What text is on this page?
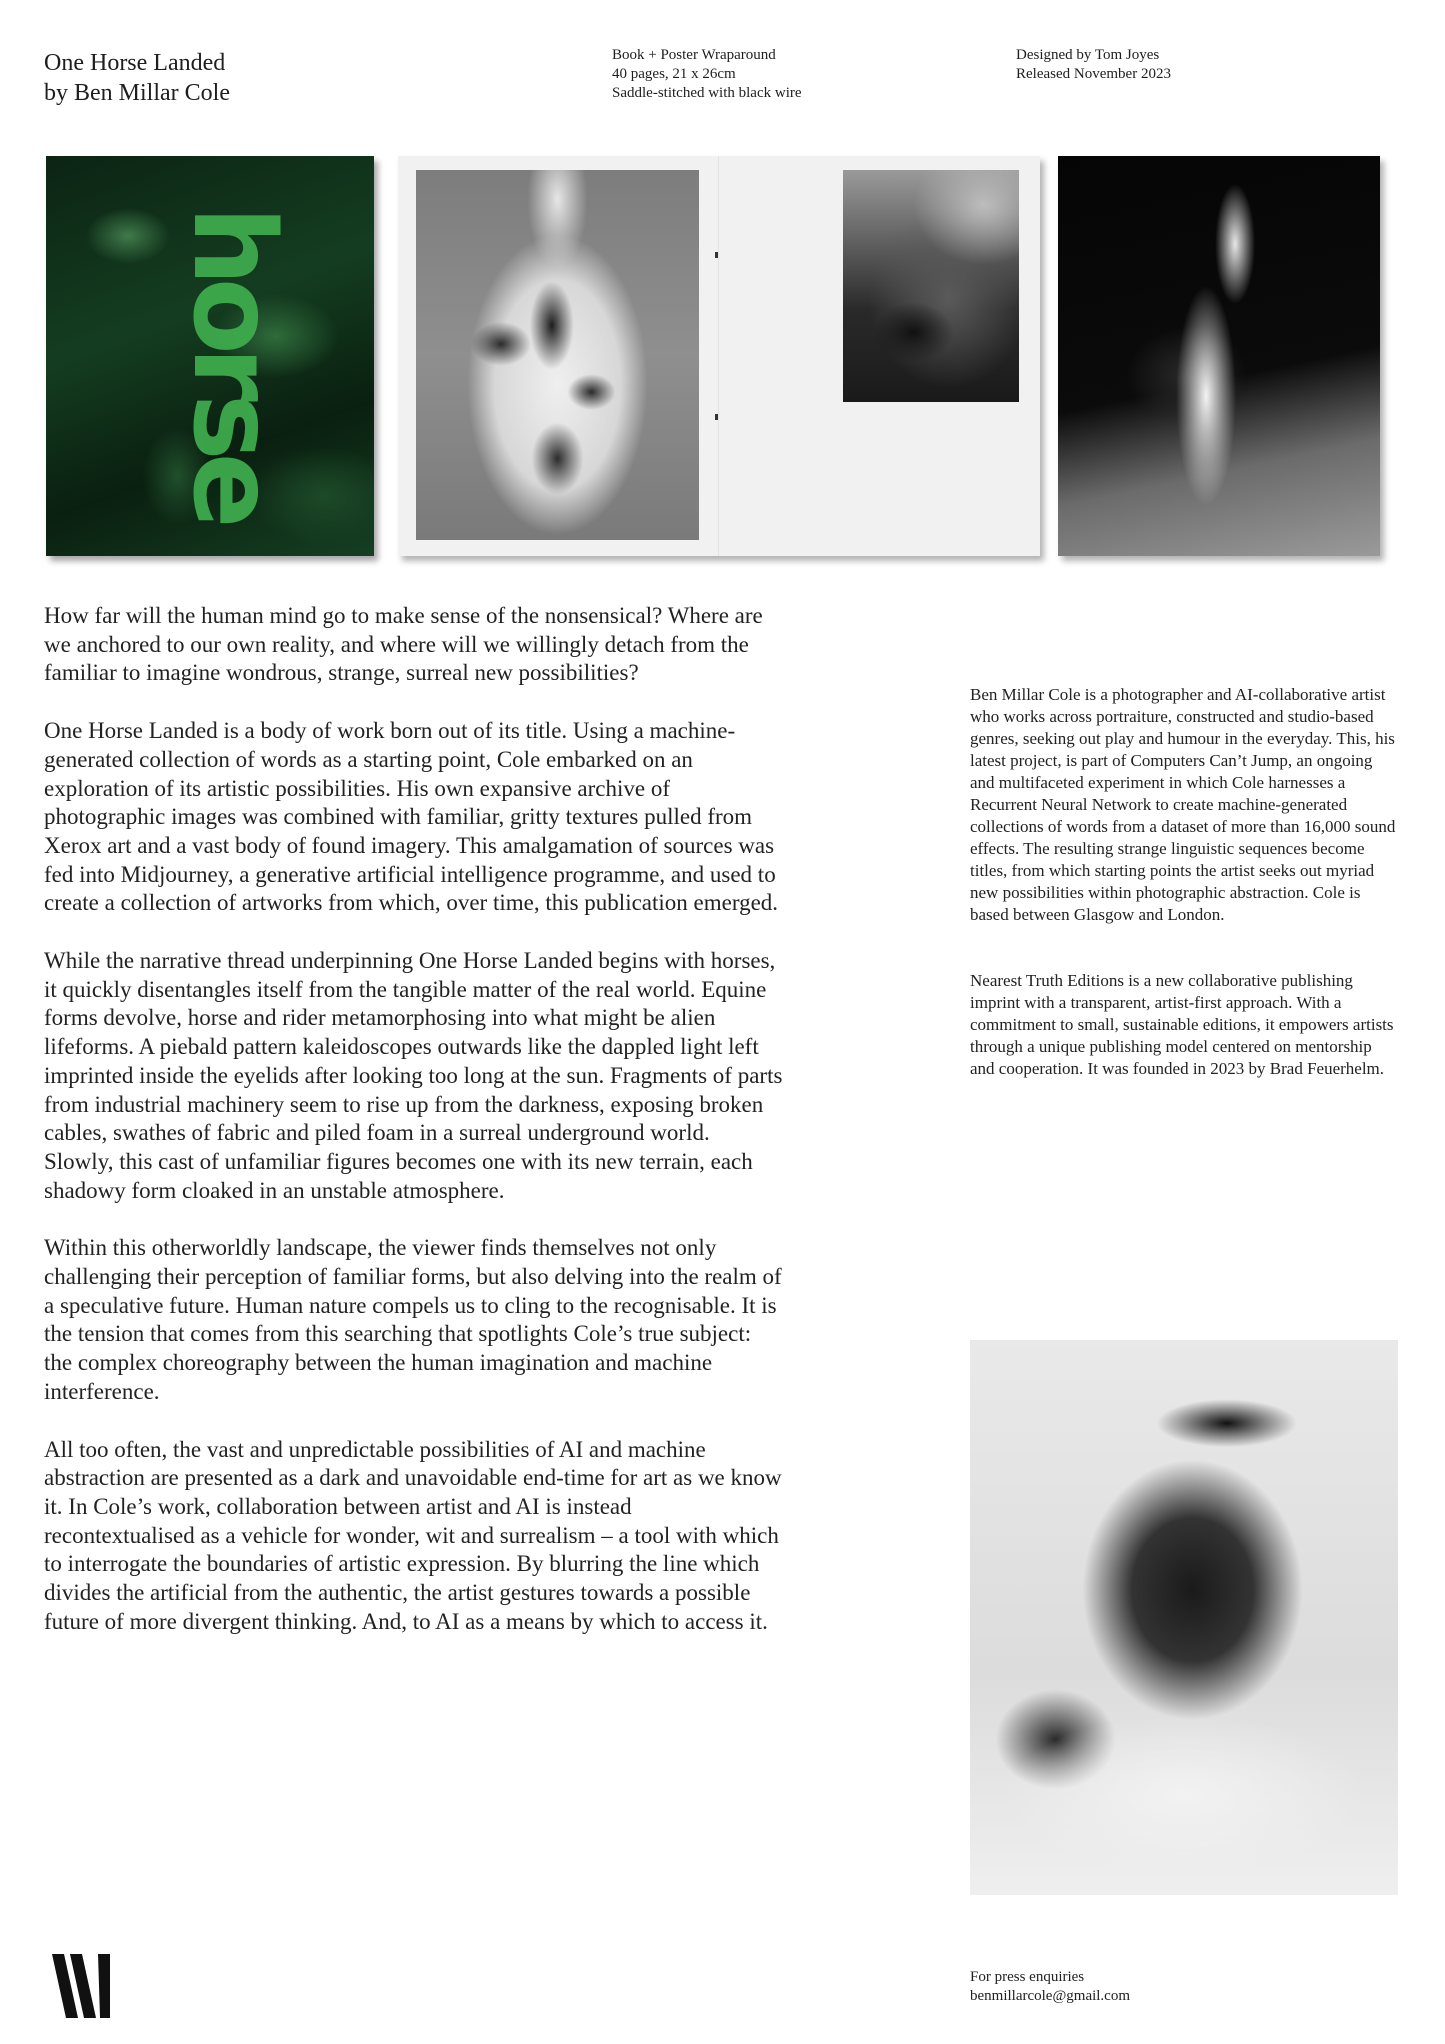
One Horse Landed
by Ben Millar Cole
Book + Poster Wraparound
40 pages, 21 x 26cm
Saddle-stitched with black wire
Designed by Tom Joyes
Released November 2023
horse

How far will the human mind go to make sense of the nonsensical? Where are we anchored to our own reality, and where will we willingly detach from the familiar to imagine wondrous, strange, surreal new possibilities?

One Horse Landed is a body of work born out of its title. Using a machine-generated collection of words as a starting point, Cole embarked on an exploration of its artistic possibilities. His own expansive archive of photographic images was combined with familiar, gritty textures pulled from Xerox art and a vast body of found imagery. This amalgamation of sources was fed into Midjourney, a generative artificial intelligence programme, and used to create a collection of artworks from which, over time, this publication emerged.

While the narrative thread underpinning One Horse Landed begins with horses, it quickly disentangles itself from the tangible matter of the real world. Equine forms devolve, horse and rider metamorphosing into what might be alien lifeforms. A piebald pattern kaleidoscopes outwards like the dappled light left imprinted inside the eyelids after looking too long at the sun. Fragments of parts from industrial machinery seem to rise up from the darkness, exposing broken cables, swathes of fabric and piled foam in a surreal underground world. Slowly, this cast of unfamiliar figures becomes one with its new terrain, each shadowy form cloaked in an unstable atmosphere.

Within this otherworldly landscape, the viewer finds themselves not only challenging their perception of familiar forms, but also delving into the realm of a speculative future. Human nature compels us to cling to the recognisable. It is the tension that comes from this searching that spotlights Cole’s true subject: the complex choreography between the human imagination and machine interference.

All too often, the vast and unpredictable possibilities of AI and machine abstraction are presented as a dark and unavoidable end-time for art as we know it. In Cole’s work, collaboration between artist and AI is instead recontextualised as a vehicle for wonder, wit and surrealism – a tool with which to interrogate the boundaries of artistic expression. By blurring the line which divides the artificial from the authentic, the artist gestures towards a possible future of more divergent thinking. And, to AI as a means by which to access it.

Ben Millar Cole is a photographer and AI-collaborative artist who works across portraiture, constructed and studio-based genres, seeking out play and humour in the everyday. This, his latest project, is part of Computers Can’t Jump, an ongoing and multifaceted experiment in which Cole harnesses a Recurrent Neural Network to create machine-generated collections of words from a dataset of more than 16,000 sound effects. The resulting strange linguistic sequences become titles, from which starting points the artist seeks out myriad new possibilities within photographic abstraction. Cole is based between Glasgow and London.

Nearest Truth Editions is a new collaborative publishing imprint with a transparent, artist-first approach. With a commitment to small, sustainable editions, it empowers artists through a unique publishing model centered on mentorship and cooperation. It was founded in 2023 by Brad Feuerhelm.

For press enquiries
benmillarcole@gmail.com
